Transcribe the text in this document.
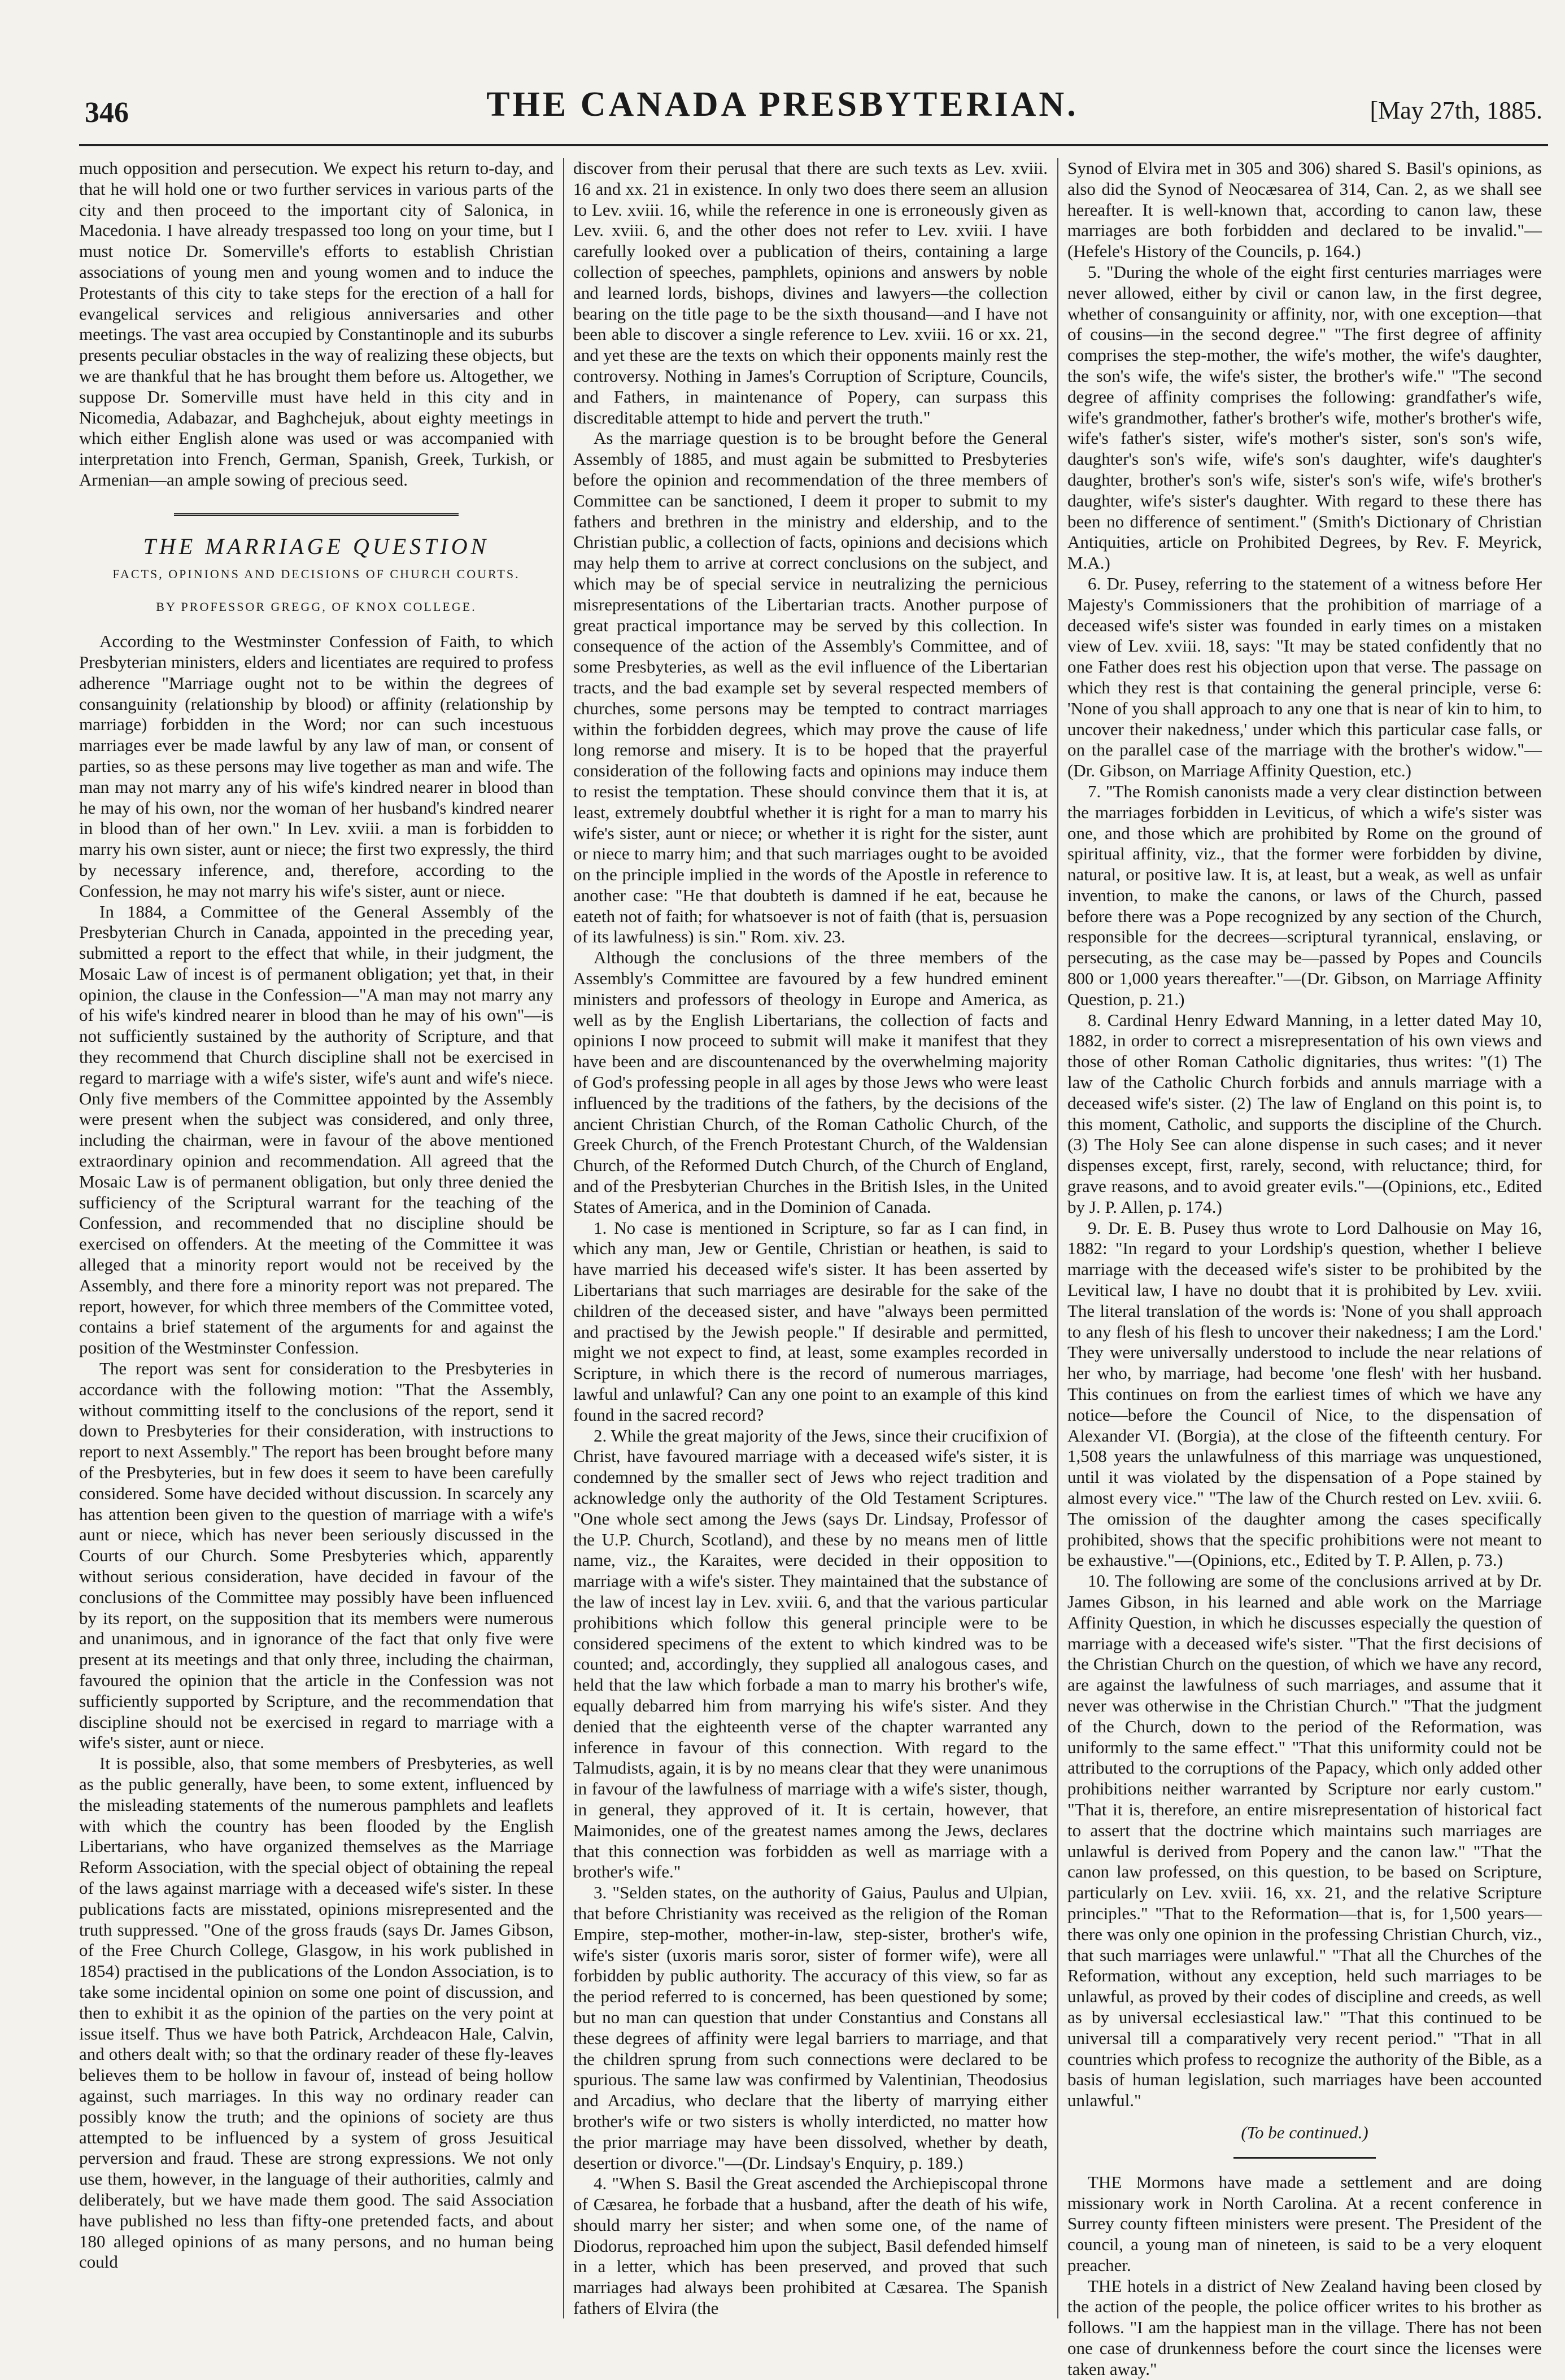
346	THE CANADA PRESBYTERIAN.	[May 27th, 1885.

much opposition and persecution. We expect his return to-day, and that he will hold one or two further services in various parts of the city and then proceed to the important city of Salonica, in Macedonia. I have already trespassed too long on your time, but I must notice Dr. Somerville's efforts to establish Christian associations of young men and young women and to induce the Protestants of this city to take steps for the erection of a hall for evangelical services and religious anniversaries and other meetings. The vast area occupied by Constantinople and its suburbs presents peculiar obstacles in the way of realizing these objects, but we are thankful that he has brought them before us. Altogether, we suppose Dr. Somerville must have held in this city and in Nicomedia, Adabazar, and Baghchejuk, about eighty meetings in which either English alone was used or was accompanied with interpretation into French, German, Spanish, Greek, Turkish, or Armenian—an ample sowing of precious seed.

THE MARRIAGE QUESTION
FACTS, OPINIONS AND DECISIONS OF CHURCH COURTS.
BY PROFESSOR GREGG, OF KNOX COLLEGE.

According to the Westminster Confession of Faith, to which Presbyterian ministers, elders and licentiates are required to profess adherence "Marriage ought not to be within the degrees of consanguinity (relationship by blood) or affinity (relationship by marriage) forbidden in the Word; nor can such incestuous marriages ever be made lawful by any law of man, or consent of parties, so as these persons may live together as man and wife. The man may not marry any of his wife's kindred nearer in blood than he may of his own, nor the woman of her husband's kindred nearer in blood than of her own." In Lev. xviii. a man is forbidden to marry his own sister, aunt or niece; the first two expressly, the third by necessary inference, and, therefore, according to the Confession, he may not marry his wife's sister, aunt or niece.

In 1884, a Committee of the General Assembly of the Presbyterian Church in Canada, appointed in the preceding year, submitted a report to the effect that while, in their judgment, the Mosaic Law of incest is of permanent obligation; yet that, in their opinion, the clause in the Confession—"A man may not marry any of his wife's kindred nearer in blood than he may of his own"—is not sufficiently sustained by the authority of Scripture, and that they recommend that Church discipline shall not be exercised in regard to marriage with a wife's sister, wife's aunt and wife's niece. Only five members of the Committee appointed by the Assembly were present when the subject was considered, and only three, including the chairman, were in favour of the above mentioned extraordinary opinion and recommendation. All agreed that the Mosaic Law is of permanent obligation, but only three denied the sufficiency of the Scriptural warrant for the teaching of the Confession, and recommended that no discipline should be exercised on offenders. At the meeting of the Committee it was alleged that a minority report would not be received by the Assembly, and there fore a minority report was not prepared. The report, however, for which three members of the Committee voted, contains a brief statement of the arguments for and against the position of the Westminster Confession.

The report was sent for consideration to the Presbyteries in accordance with the following motion: "That the Assembly, without committing itself to the conclusions of the report, send it down to Presbyteries for their consideration, with instructions to report to next Assembly." The report has been brought before many of the Presbyteries, but in few does it seem to have been carefully considered. Some have decided without discussion. In scarcely any has attention been given to the question of marriage with a wife's aunt or niece, which has never been seriously discussed in the Courts of our Church. Some Presbyteries which, apparently without serious consideration, have decided in favour of the conclusions of the Committee may possibly have been influenced by its report, on the supposition that its members were numerous and unanimous, and in ignorance of the fact that only five were present at its meetings and that only three, including the chairman, favoured the opinion that the article in the Confession was not sufficiently supported by Scripture, and the recommendation that discipline should not be exercised in regard to marriage with a wife's sister, aunt or niece.

It is possible, also, that some members of Presbyteries, as well as the public generally, have been, to some extent, influenced by the misleading statements of the numerous pamphlets and leaflets with which the country has been flooded by the English Libertarians, who have organized themselves as the Marriage Reform Association, with the special object of obtaining the repeal of the laws against marriage with a deceased wife's sister. In these publications facts are misstated, opinions misrepresented and the truth suppressed. "One of the gross frauds (says Dr. James Gibson, of the Free Church College, Glasgow, in his work published in 1854) practised in the publications of the London Association, is to take some incidental opinion on some one point of discussion, and then to exhibit it as the opinion of the parties on the very point at issue itself. Thus we have both Patrick, Archdeacon Hale, Calvin, and others dealt with; so that the ordinary reader of these fly-leaves believes them to be hollow in favour of, instead of being hollow against, such marriages. In this way no ordinary reader can possibly know the truth; and the opinions of society are thus attempted to be influenced by a system of gross Jesuitical perversion and fraud. These are strong expressions. We not only use them, however, in the language of their authorities, calmly and deliberately, but we have made them good. The said Association have published no less than fifty-one pretended facts, and about 180 alleged opinions of as many persons, and no human being could

discover from their perusal that there are such texts as Lev. xviii. 16 and xx. 21 in existence. In only two does there seem an allusion to Lev. xviii. 16, while the reference in one is erroneously given as Lev. xviii. 6, and the other does not refer to Lev. xviii. I have carefully looked over a publication of theirs, containing a large collection of speeches, pamphlets, opinions and answers by noble and learned lords, bishops, divines and lawyers—the collection bearing on the title page to be the sixth thousand—and I have not been able to discover a single reference to Lev. xviii. 16 or xx. 21, and yet these are the texts on which their opponents mainly rest the controversy. Nothing in James's Corruption of Scripture, Councils, and Fathers, in maintenance of Popery, can surpass this discreditable attempt to hide and pervert the truth."

As the marriage question is to be brought before the General Assembly of 1885, and must again be submitted to Presbyteries before the opinion and recommendation of the three members of Committee can be sanctioned, I deem it proper to submit to my fathers and brethren in the ministry and eldership, and to the Christian public, a collection of facts, opinions and decisions which may help them to arrive at correct conclusions on the subject, and which may be of special service in neutralizing the pernicious misrepresentations of the Libertarian tracts. Another purpose of great practical importance may be served by this collection. In consequence of the action of the Assembly's Committee, and of some Presbyteries, as well as the evil influence of the Libertarian tracts, and the bad example set by several respected members of churches, some persons may be tempted to contract marriages within the forbidden degrees, which may prove the cause of life long remorse and misery. It is to be hoped that the prayerful consideration of the following facts and opinions may induce them to resist the temptation. These should convince them that it is, at least, extremely doubtful whether it is right for a man to marry his wife's sister, aunt or niece; or whether it is right for the sister, aunt or niece to marry him; and that such marriages ought to be avoided on the principle implied in the words of the Apostle in reference to another case: "He that doubteth is damned if he eat, because he eateth not of faith; for whatsoever is not of faith (that is, persuasion of its lawfulness) is sin." Rom. xiv. 23.

Although the conclusions of the three members of the Assembly's Committee are favoured by a few hundred eminent ministers and professors of theology in Europe and America, as well as by the English Libertarians, the collection of facts and opinions I now proceed to submit will make it manifest that they have been and are discountenanced by the overwhelming majority of God's professing people in all ages by those Jews who were least influenced by the traditions of the fathers, by the decisions of the ancient Christian Church, of the Roman Catholic Church, of the Greek Church, of the French Protestant Church, of the Waldensian Church, of the Reformed Dutch Church, of the Church of England, and of the Presbyterian Churches in the British Isles, in the United States of America, and in the Dominion of Canada.

1. No case is mentioned in Scripture, so far as I can find, in which any man, Jew or Gentile, Christian or heathen, is said to have married his deceased wife's sister. It has been asserted by Libertarians that such marriages are desirable for the sake of the children of the deceased sister, and have "always been permitted and practised by the Jewish people." If desirable and permitted, might we not expect to find, at least, some examples recorded in Scripture, in which there is the record of numerous marriages, lawful and unlawful? Can any one point to an example of this kind found in the sacred record?

2. While the great majority of the Jews, since their crucifixion of Christ, have favoured marriage with a deceased wife's sister, it is condemned by the smaller sect of Jews who reject tradition and acknowledge only the authority of the Old Testament Scriptures. "One whole sect among the Jews (says Dr. Lindsay, Professor of the U.P. Church, Scotland), and these by no means men of little name, viz., the Karaites, were decided in their opposition to marriage with a wife's sister. They maintained that the substance of the law of incest lay in Lev. xviii. 6, and that the various particular prohibitions which follow this general principle were to be considered specimens of the extent to which kindred was to be counted; and, accordingly, they supplied all analogous cases, and held that the law which forbade a man to marry his brother's wife, equally debarred him from marrying his wife's sister. And they denied that the eighteenth verse of the chapter warranted any inference in favour of this connection. With regard to the Talmudists, again, it is by no means clear that they were unanimous in favour of the lawfulness of marriage with a wife's sister, though, in general, they approved of it. It is certain, however, that Maimonides, one of the greatest names among the Jews, declares that this connection was forbidden as well as marriage with a brother's wife."

3. "Selden states, on the authority of Gaius, Paulus and Ulpian, that before Christianity was received as the religion of the Roman Empire, step-mother, mother-in-law, step-sister, brother's wife, wife's sister (uxoris maris soror, sister of former wife), were all forbidden by public authority. The accuracy of this view, so far as the period referred to is concerned, has been questioned by some; but no man can question that under Constantius and Constans all these degrees of affinity were legal barriers to marriage, and that the children sprung from such connections were declared to be spurious. The same law was confirmed by Valentinian, Theodosius and Arcadius, who declare that the liberty of marrying either brother's wife or two sisters is wholly interdicted, no matter how the prior marriage may have been dissolved, whether by death, desertion or divorce."—(Dr. Lindsay's Enquiry, p. 189.)

4. "When S. Basil the Great ascended the Archiepiscopal throne of Cæsarea, he forbade that a husband, after the death of his wife, should marry her sister; and when some one, of the name of Diodorus, reproached him upon the subject, Basil defended himself in a letter, which has been preserved, and proved that such marriages had always been prohibited at Cæsarea. The Spanish fathers of Elvira (the

Synod of Elvira met in 305 and 306) shared S. Basil's opinions, as also did the Synod of Neocæsarea of 314, Can. 2, as we shall see hereafter. It is well-known that, according to canon law, these marriages are both forbidden and declared to be invalid."—(Hefele's History of the Councils, p. 164.)

5. "During the whole of the eight first centuries marriages were never allowed, either by civil or canon law, in the first degree, whether of consanguinity or affinity, nor, with one exception—that of cousins—in the second degree." "The first degree of affinity comprises the step-mother, the wife's mother, the wife's daughter, the son's wife, the wife's sister, the brother's wife." "The second degree of affinity comprises the following: grandfather's wife, wife's grandmother, father's brother's wife, mother's brother's wife, wife's father's sister, wife's mother's sister, son's son's wife, daughter's son's wife, wife's son's daughter, wife's daughter's daughter, brother's son's wife, sister's son's wife, wife's brother's daughter, wife's sister's daughter. With regard to these there has been no difference of sentiment." (Smith's Dictionary of Christian Antiquities, article on Prohibited Degrees, by Rev. F. Meyrick, M.A.)

6. Dr. Pusey, referring to the statement of a witness before Her Majesty's Commissioners that the prohibition of marriage of a deceased wife's sister was founded in early times on a mistaken view of Lev. xviii. 18, says: "It may be stated confidently that no one Father does rest his objection upon that verse. The passage on which they rest is that containing the general principle, verse 6: 'None of you shall approach to any one that is near of kin to him, to uncover their nakedness,' under which this particular case falls, or on the parallel case of the marriage with the brother's widow."—(Dr. Gibson, on Marriage Affinity Question, etc.)

7. "The Romish canonists made a very clear distinction between the marriages forbidden in Leviticus, of which a wife's sister was one, and those which are prohibited by Rome on the ground of spiritual affinity, viz., that the former were forbidden by divine, natural, or positive law. It is, at least, but a weak, as well as unfair invention, to make the canons, or laws of the Church, passed before there was a Pope recognized by any section of the Church, responsible for the decrees—scriptural tyrannical, enslaving, or persecuting, as the case may be—passed by Popes and Councils 800 or 1,000 years thereafter."—(Dr. Gibson, on Marriage Affinity Question, p. 21.)

8. Cardinal Henry Edward Manning, in a letter dated May 10, 1882, in order to correct a misrepresentation of his own views and those of other Roman Catholic dignitaries, thus writes: "(1) The law of the Catholic Church forbids and annuls marriage with a deceased wife's sister. (2) The law of England on this point is, to this moment, Catholic, and supports the discipline of the Church. (3) The Holy See can alone dispense in such cases; and it never dispenses except, first, rarely, second, with reluctance; third, for grave reasons, and to avoid greater evils."—(Opinions, etc., Edited by J. P. Allen, p. 174.)

9. Dr. E. B. Pusey thus wrote to Lord Dalhousie on May 16, 1882: "In regard to your Lordship's question, whether I believe marriage with the deceased wife's sister to be prohibited by the Levitical law, I have no doubt that it is prohibited by Lev. xviii. The literal translation of the words is: 'None of you shall approach to any flesh of his flesh to uncover their nakedness; I am the Lord.' They were universally understood to include the near relations of her who, by marriage, had become 'one flesh' with her husband. This continues on from the earliest times of which we have any notice—before the Council of Nice, to the dispensation of Alexander VI. (Borgia), at the close of the fifteenth century. For 1,508 years the unlawfulness of this marriage was unquestioned, until it was violated by the dispensation of a Pope stained by almost every vice." "The law of the Church rested on Lev. xviii. 6. The omission of the daughter among the cases specifically prohibited, shows that the specific prohibitions were not meant to be exhaustive."—(Opinions, etc., Edited by T. P. Allen, p. 73.)

10. The following are some of the conclusions arrived at by Dr. James Gibson, in his learned and able work on the Marriage Affinity Question, in which he discusses especially the question of marriage with a deceased wife's sister. "That the first decisions of the Christian Church on the question, of which we have any record, are against the lawfulness of such marriages, and assume that it never was otherwise in the Christian Church." "That the judgment of the Church, down to the period of the Reformation, was uniformly to the same effect." "That this uniformity could not be attributed to the corruptions of the Papacy, which only added other prohibitions neither warranted by Scripture nor early custom." "That it is, therefore, an entire misrepresentation of historical fact to assert that the doctrine which maintains such marriages are unlawful is derived from Popery and the canon law." "That the canon law professed, on this question, to be based on Scripture, particularly on Lev. xviii. 16, xx. 21, and the relative Scripture principles." "That to the Reformation—that is, for 1,500 years—there was only one opinion in the professing Christian Church, viz., that such marriages were unlawful." "That all the Churches of the Reformation, without any exception, held such marriages to be unlawful, as proved by their codes of discipline and creeds, as well as by universal ecclesiastical law." "That this continued to be universal till a comparatively very recent period." "That in all countries which profess to recognize the authority of the Bible, as a basis of human legislation, such marriages have been accounted unlawful."

(To be continued.)

THE Mormons have made a settlement and are doing missionary work in North Carolina. At a recent conference in Surrey county fifteen ministers were present. The President of the council, a young man of nineteen, is said to be a very eloquent preacher.

THE hotels in a district of New Zealand having been closed by the action of the people, the police officer writes to his brother as follows. "I am the happiest man in the village. There has not been one case of drunkenness before the court since the licenses were taken away."
